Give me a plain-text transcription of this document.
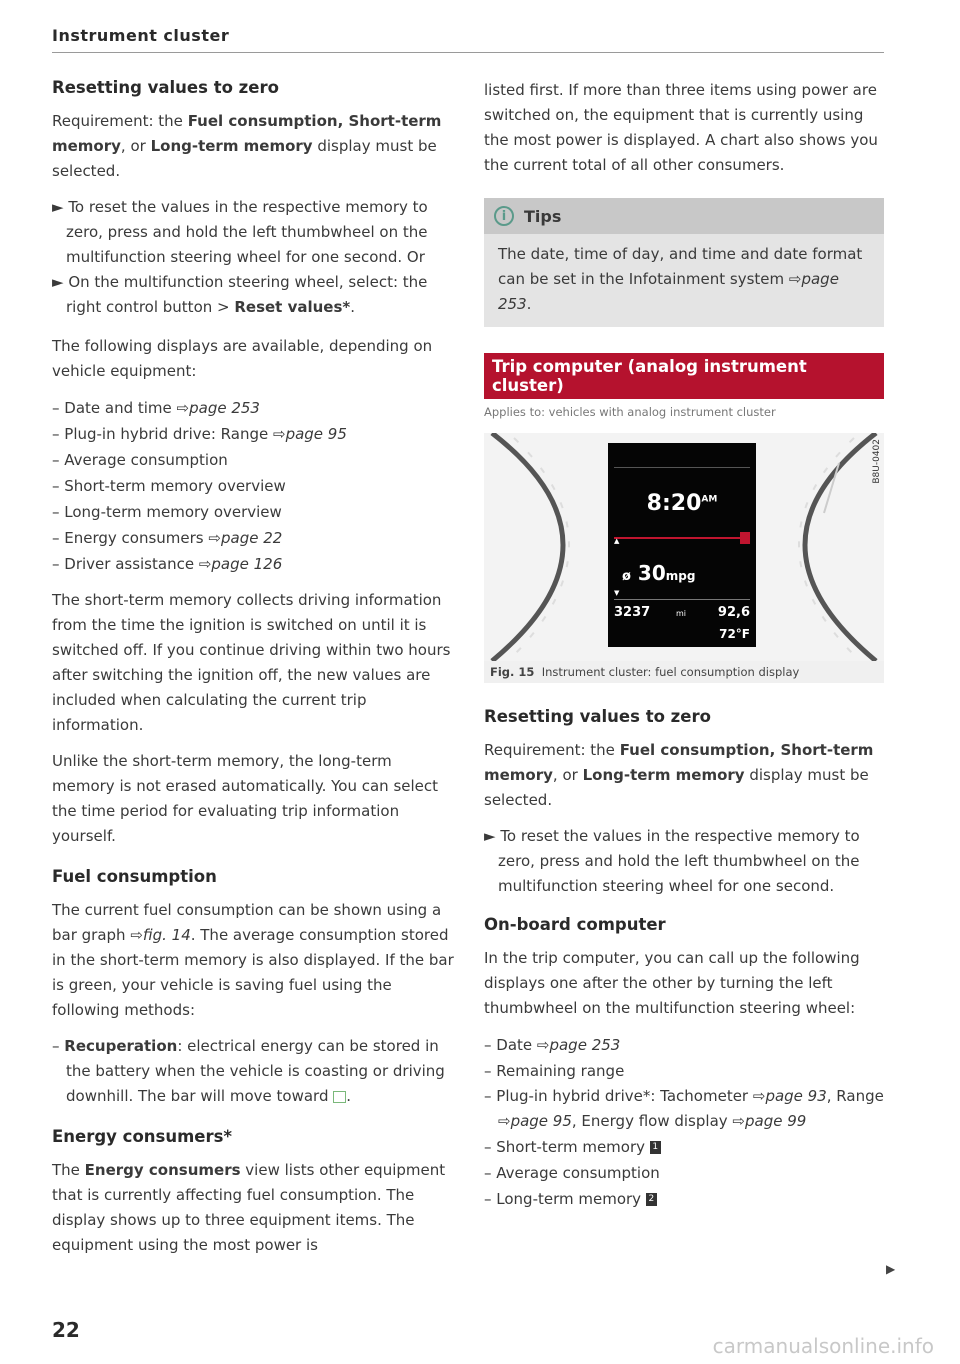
Instrument cluster
Resetting values to zero

Requirement: the Fuel consumption, Short-term memory, or Long-term memory display must be selected.

► To reset the values in the respective memory to zero, press and hold the left thumbwheel on the multifunction steering wheel for one second. Or
► On the multifunction steering wheel, select: the right control button > Reset values*.

The following displays are available, depending on vehicle equipment:

– Date and time ⇨page 253
– Plug-in hybrid drive: Range ⇨page 95
– Average consumption
– Short-term memory overview
– Long-term memory overview
– Energy consumers ⇨page 22
– Driver assistance ⇨page 126

The short-term memory collects driving information from the time the ignition is switched on until it is switched off. If you continue driving within two hours after switching the ignition off, the new values are included when calculating the current trip information.

Unlike the short-term memory, the long-term memory is not erased automatically. You can select the time period for evaluating trip information yourself.

Fuel consumption

The current fuel consumption can be shown using a bar graph ⇨fig. 14. The average consumption stored in the short-term memory is also displayed. If the bar is green, your vehicle is saving fuel using the following methods:

– Recuperation: electrical energy can be stored in the battery when the vehicle is coasting or driving downhill. The bar will move toward .
Energy consumers*

The Energy consumers view lists other equipment that is currently affecting fuel consumption. The display shows up to three equipment items. The equipment using the most power is

listed first. If more than three items using power are switched on, the equipment that is currently using the most power is displayed. A chart also shows you the current total of all other consumers.

i	Tips

The date, time of day, and time and date format can be set in the Infotainment system ⇨page 253.

Trip computer (analog instrument cluster)
Applies to: vehicles with analog instrument cluster
$8:20^{AM}$
▲
ø 30mpg
▼
3237	mi 92,6
72°F
B8U-0402
Fig. 15 Instrument cluster: fuel consumption display
Resetting values to zero

Requirement: the Fuel consumption, Short-term memory, or Long-term memory display must be selected.

► To reset the values in the respective memory to zero, press and hold the left thumbwheel on the multifunction steering wheel for one second.
On-board computer

In the trip computer, you can call up the following displays one after the other by turning the left thumbwheel on the multifunction steering wheel:

– Date ⇨page 253
– Remaining range
– Plug-in hybrid drive*: Tachometer ⇨page 93, Range ⇨page 95, Energy flow display ⇨page 99
– Short-term memory 1
– Average consumption
– Long-term memory 2
▶
22
carmanualsonline.info
